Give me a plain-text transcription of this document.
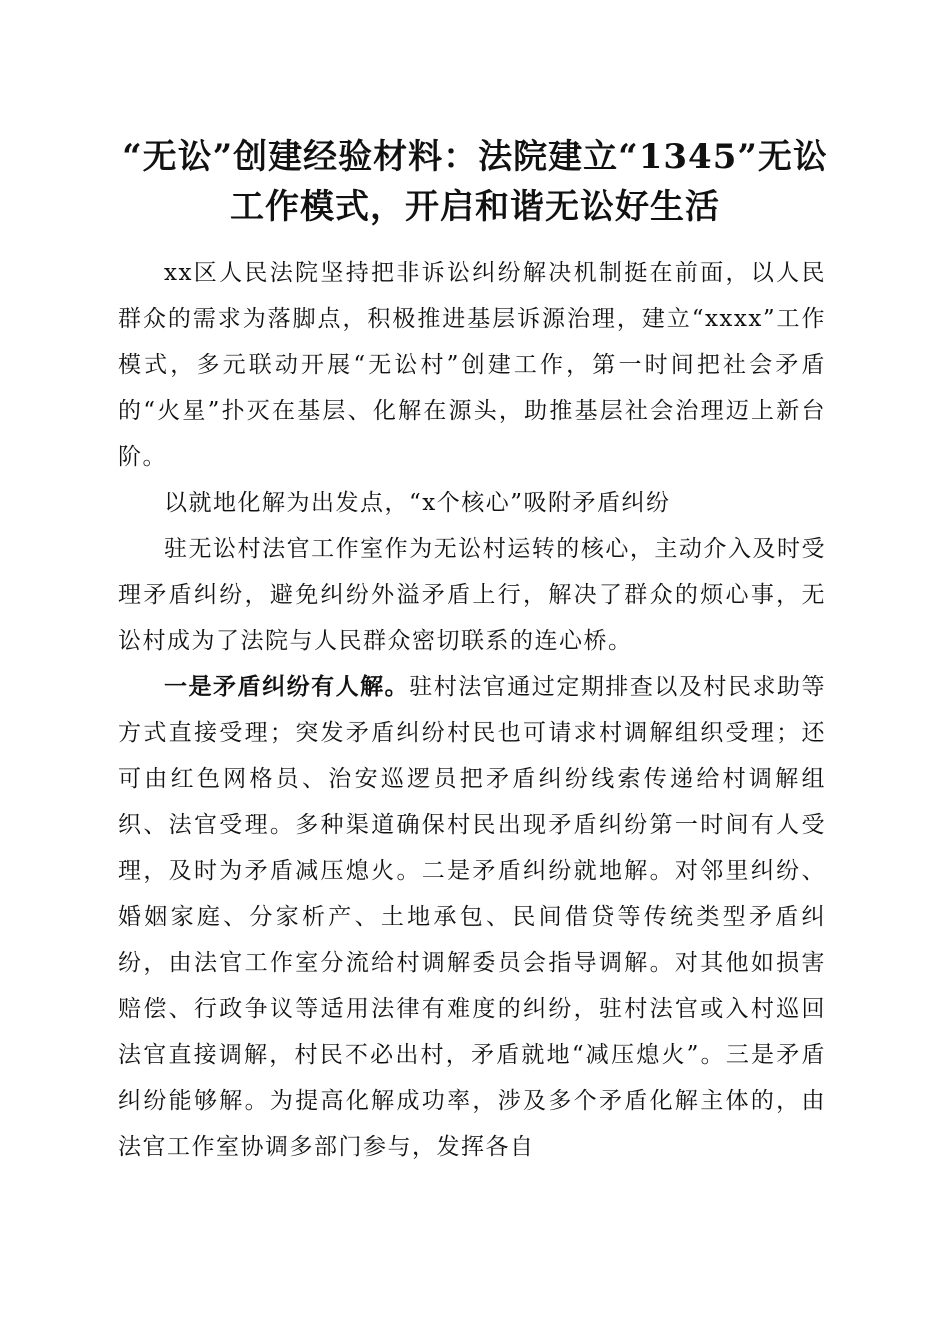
“无讼”创建经验材料：法院建立“1345”无讼工作模式，开启和谐无讼好生活

xx区人民法院坚持把非诉讼纠纷解决机制挺在前面，以人民群众的需求为落脚点，积极推进基层诉源治理，建立“xxxx”工作模式，多元联动开展“无讼村”创建工作，第一时间把社会矛盾的“火星”扑灭在基层、化解在源头，助推基层社会治理迈上新台阶。

以就地化解为出发点，“x个核心”吸附矛盾纠纷

驻无讼村法官工作室作为无讼村运转的核心，主动介入及时受理矛盾纠纷，避免纠纷外溢矛盾上行，解决了群众的烦心事，无讼村成为了法院与人民群众密切联系的连心桥。

一是矛盾纠纷有人解。驻村法官通过定期排查以及村民求助等方式直接受理；突发矛盾纠纷村民也可请求村调解组织受理；还可由红色网格员、治安巡逻员把矛盾纠纷线索传递给村调解组织、法官受理。多种渠道确保村民出现矛盾纠纷第一时间有人受理，及时为矛盾减压熄火。二是矛盾纠纷就地解。对邻里纠纷、婚姻家庭、分家析产、土地承包、民间借贷等传统类型矛盾纠纷，由法官工作室分流给村调解委员会指导调解。对其他如损害赔偿、行政争议等适用法律有难度的纠纷，驻村法官或入村巡回法官直接调解，村民不必出村，矛盾就地“减压熄火”。三是矛盾纠纷能够解。为提高化解成功率，涉及多个矛盾化解主体的，由法官工作室协调多部门参与，发挥各自
